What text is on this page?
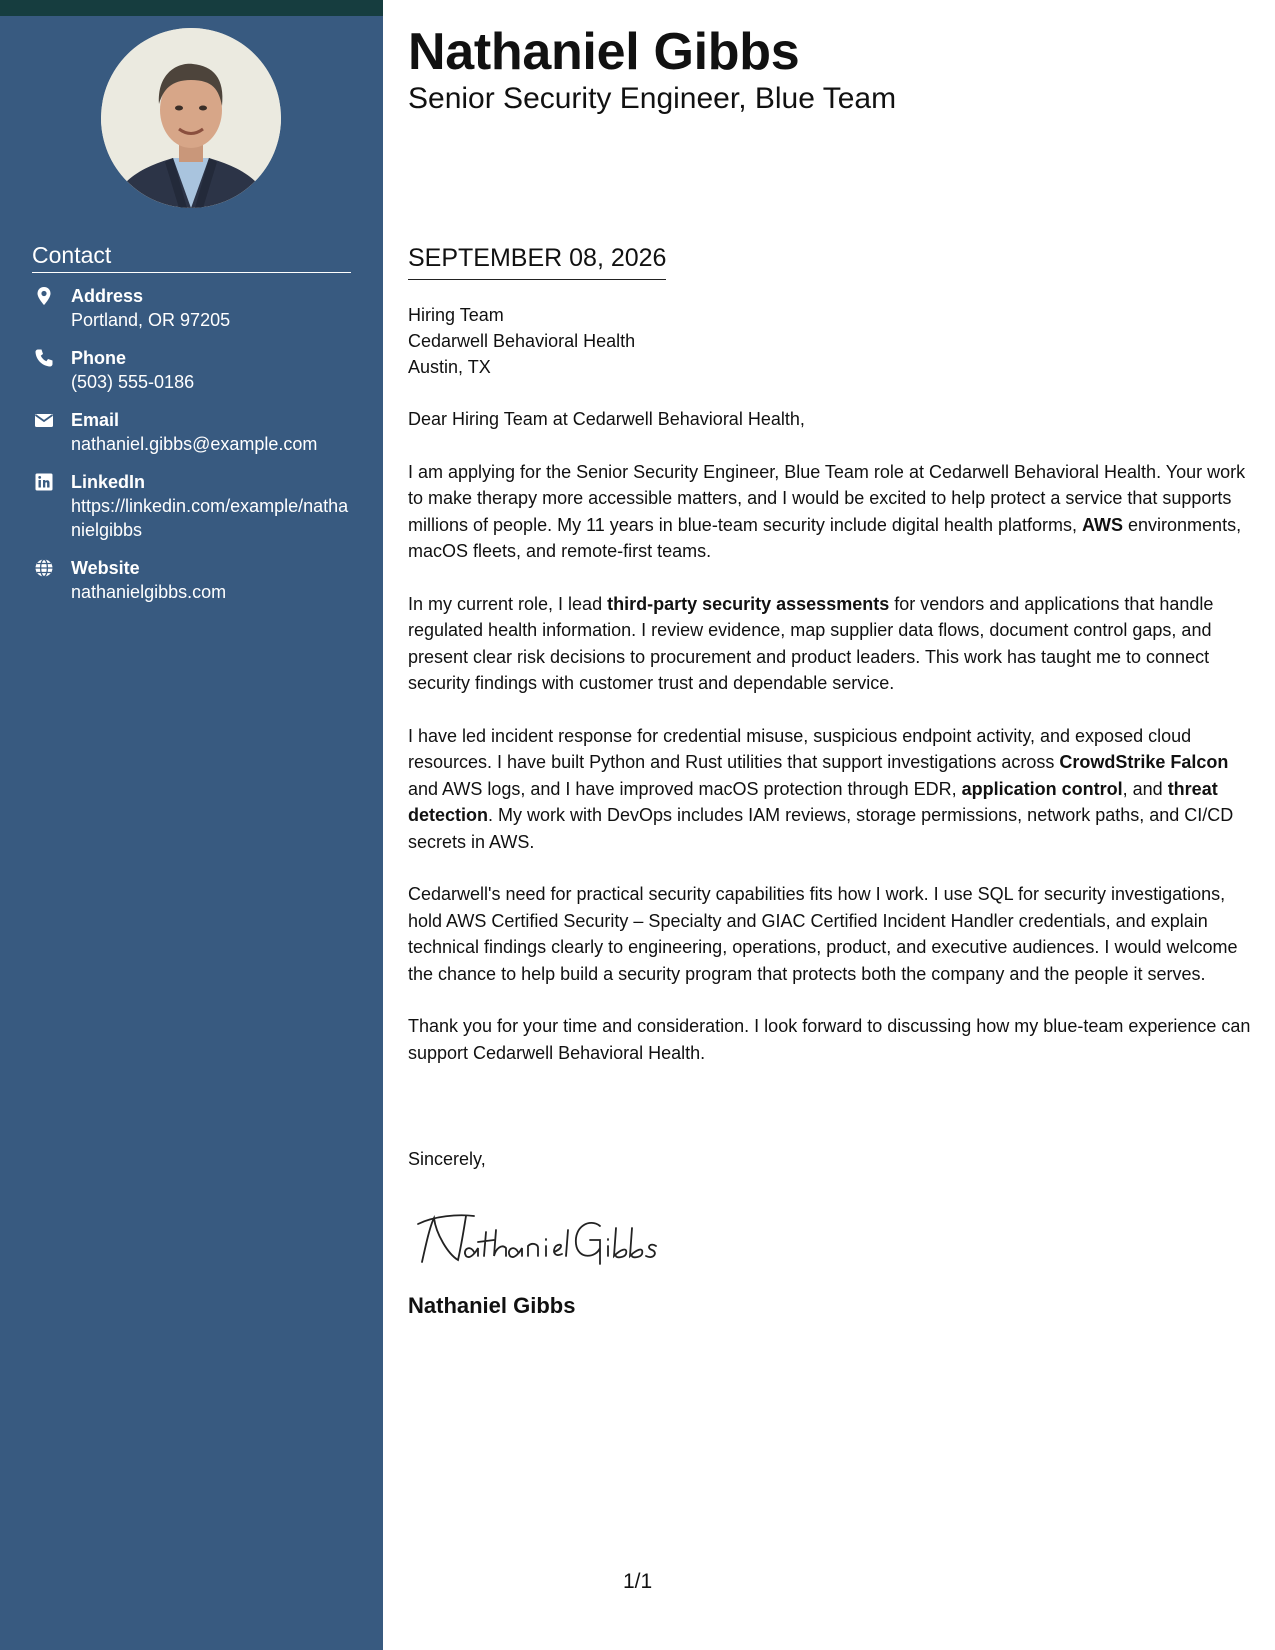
Contact
Address
Portland, OR 97205
Phone
(503) 555-0186
Email
nathaniel.gibbs@example.com
LinkedIn
https://linkedin.com/example/nathanielgibbs
Website
nathanielgibbs.com
Nathaniel Gibbs
Senior Security Engineer, Blue Team
SEPTEMBER 08, 2026
Hiring Team
Cedarwell Behavioral Health
Austin, TX

Dear Hiring Team at Cedarwell Behavioral Health,

I am applying for the Senior Security Engineer, Blue Team role at Cedarwell Behavioral Health. Your work to make therapy more accessible matters, and I would be excited to help protect a service that supports millions of people. My 11 years in blue-team security include digital health platforms, AWS environments, macOS fleets, and remote-first teams.

In my current role, I lead third-party security assessments for vendors and applications that handle regulated health information. I review evidence, map supplier data flows, document control gaps, and present clear risk decisions to procurement and product leaders. This work has taught me to connect security findings with customer trust and dependable service.

I have led incident response for credential misuse, suspicious endpoint activity, and exposed cloud resources. I have built Python and Rust utilities that support investigations across CrowdStrike Falcon and AWS logs, and I have improved macOS protection through EDR, application control, and threat detection. My work with DevOps includes IAM reviews, storage permissions, network paths, and CI/CD secrets in AWS.

Cedarwell's need for practical security capabilities fits how I work. I use SQL for security investigations, hold AWS Certified Security – Specialty and GIAC Certified Incident Handler credentials, and explain technical findings clearly to engineering, operations, product, and executive audiences. I would welcome the chance to help build a security program that protects both the company and the people it serves.

Thank you for your time and consideration. I look forward to discussing how my blue-team experience can support Cedarwell Behavioral Health.

Sincerely,
Nathaniel Gibbs
1/1
